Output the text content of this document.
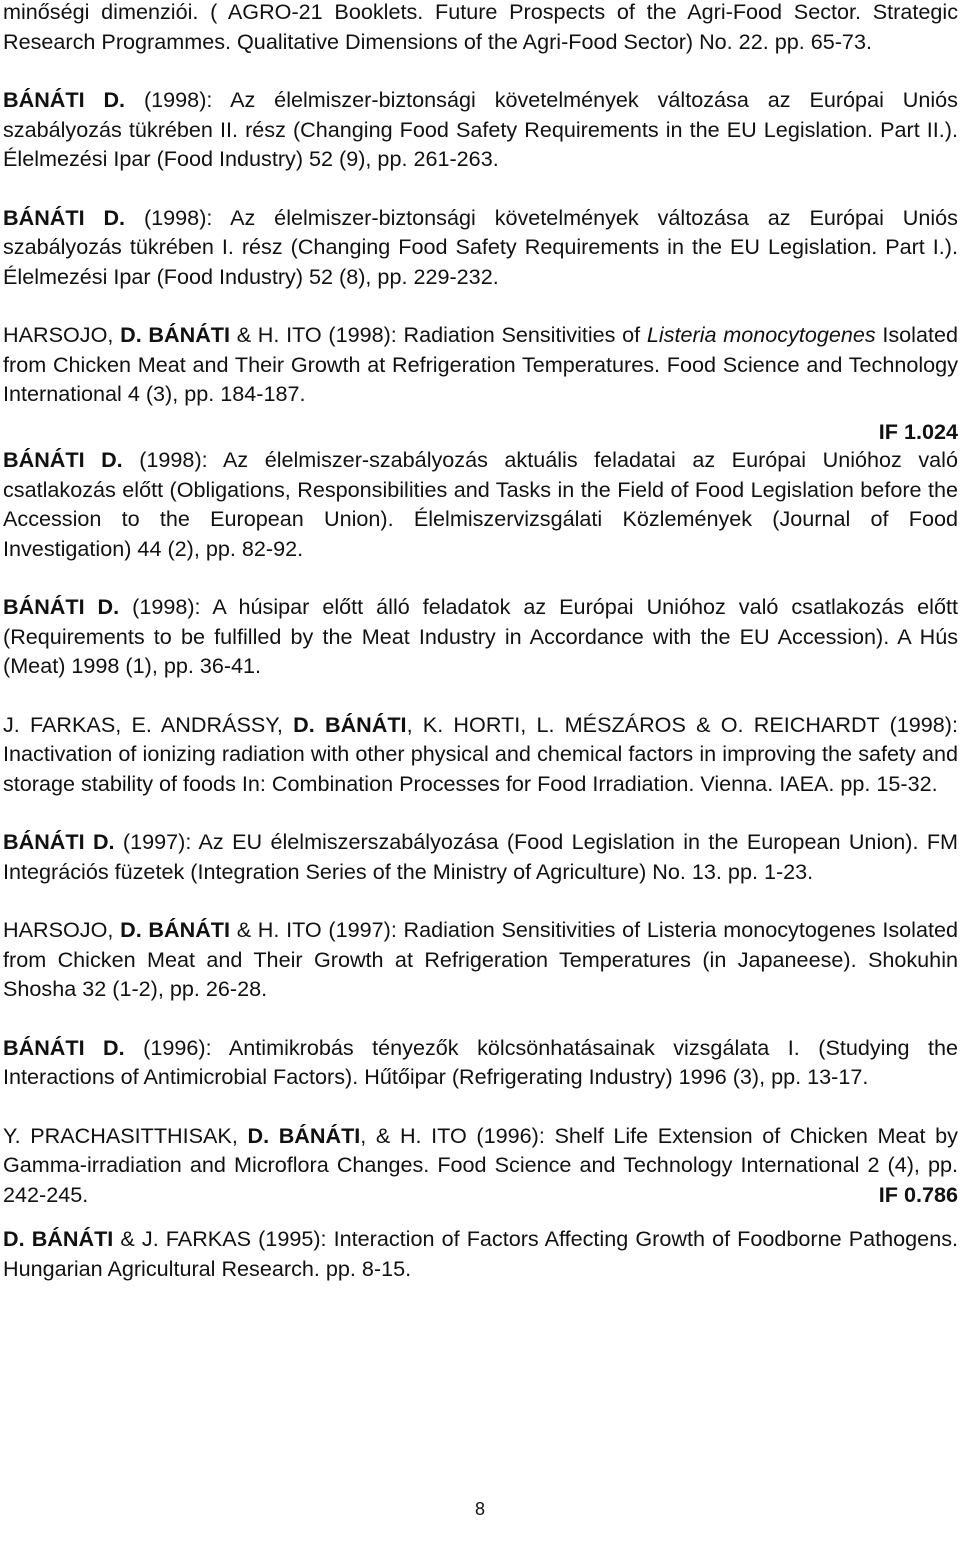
minőségi dimenziói. ( AGRO-21 Booklets. Future Prospects of the Agri-Food Sector. Strategic Research Programmes. Qualitative Dimensions of the Agri-Food Sector) No. 22. pp. 65-73.

BÁNÁTI D. (1998): Az élelmiszer-biztonsági követelmények változása az Európai Uniós szabályozás tükrében II. rész (Changing Food Safety Requirements in the EU Legislation. Part II.). Élelmezési Ipar (Food Industry) 52 (9), pp. 261-263.

BÁNÁTI D. (1998): Az élelmiszer-biztonsági követelmények változása az Európai Uniós szabályozás tükrében I. rész (Changing Food Safety Requirements in the EU Legislation. Part I.). Élelmezési Ipar (Food Industry) 52 (8), pp. 229-232.

HARSOJO, D. BÁNÁTI & H. ITO (1998): Radiation Sensitivities of Listeria monocytogenes Isolated from Chicken Meat and Their Growth at Refrigeration Temperatures. Food Science and Technology International 4 (3), pp. 184-187.

IF 1.024

BÁNÁTI D. (1998): Az élelmiszer-szabályozás aktuális feladatai az Európai Unióhoz való csatlakozás előtt (Obligations, Responsibilities and Tasks in the Field of Food Legislation before the Accession to the European Union). Élelmiszervizsgálati Közlemények (Journal of Food Investigation) 44 (2), pp. 82-92.

BÁNÁTI D. (1998): A húsipar előtt álló feladatok az Európai Unióhoz való csatlakozás előtt (Requirements to be fulfilled by the Meat Industry in Accordance with the EU Accession). A Hús (Meat) 1998 (1), pp. 36-41.

J. FARKAS, E. ANDRÁSSY, D. BÁNÁTI, K. HORTI, L. MÉSZÁROS & O. REICHARDT (1998): Inactivation of ionizing radiation with other physical and chemical factors in improving the safety and storage stability of foods In: Combination Processes for Food Irradiation. Vienna. IAEA. pp. 15-32.

BÁNÁTI D. (1997): Az EU élelmiszerszabályozása (Food Legislation in the European Union). FM Integrációs füzetek (Integration Series of the Ministry of Agriculture) No. 13. pp. 1-23.

HARSOJO, D. BÁNÁTI & H. ITO (1997): Radiation Sensitivities of Listeria monocytogenes Isolated from Chicken Meat and Their Growth at Refrigeration Temperatures (in Japaneese). Shokuhin Shosha 32 (1-2), pp. 26-28.

BÁNÁTI D. (1996): Antimikrobás tényezők kölcsönhatásainak vizsgálata I. (Studying the Interactions of Antimicrobial Factors). Hűtőipar (Refrigerating Industry) 1996 (3), pp. 13-17.

Y. PRACHASITTHISAK, D. BÁNÁTI, & H. ITO (1996): Shelf Life Extension of Chicken Meat by Gamma-irradiation and Microflora Changes. Food Science and Technology International 2 (4), pp. 242-245.	IF 0.786

D. BÁNÁTI & J. FARKAS (1995): Interaction of Factors Affecting Growth of Foodborne Pathogens. Hungarian Agricultural Research. pp. 8-15.

8
